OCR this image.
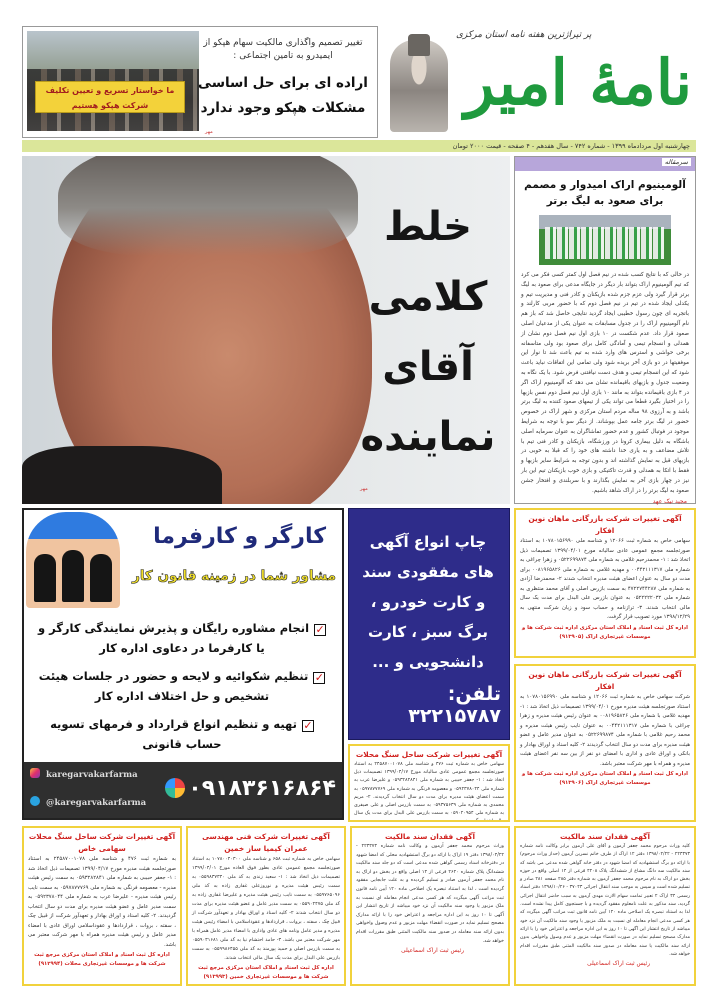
ما خواستار تسریع و تعیین تکلیف شرکت هپکو هستیم
تغییر تصمیم واگذاری مالکیت سهام هپکو از ایمیدرو به تامین اجتماعی :
اراده ای برای حل اساسی مشکلات هپکو وجود ندارد
مهر
پر تیراژترین هفته نامه استان مرکزی
نامهٔ امیر
چهارشنبه اول مردادماه ۱۳۹۹ - شماره ۷۴۲ - سال هفدهم - ۴ صفحه - قیمت ۲۰۰۰ تومان
خلط کلامی آقای نماینده
مهر
سرمقاله
آلومینیوم اراک امیدوار و مصمم برای صعود به لیگ برتر
در حالی که با نتایج کسب شده در نیم فصل اول کمتر کسی فکر می کرد که تیم آلومینیوم اراک بتواند بار دیگر در جایگاه مدعی برای صعود به لیگ برتر قرار گیرد ولی عزم جزم شده بازیکنان و کادر فنی و مدیریت تیم و یکدلی ایجاد شده در تیم در نیم فصل دوم که با حضور مربی کارلند و باتجربه ای چون رسول خطیبی ایجاد گردید نتایجی حاصل شد که باز هم نام آلومینیوم اراک را در جدول مسابقات به عنوان یکی از مدعیان اصلی صعود قرار داد. عدم شکست در ۱۰ بازی اول نیم فصل دوم نشان از همدلی و انسجام تیمی و آمادگی کامل برای صعود بود ولی متاسفانه برخی حواشی و استرس های وارد شده به تیم باعث شد تا نوار این موفقیتها در دو بازی آخر بریده شود ولی تمامی این اتفاقات نباید باعث شود که این انسجام تیمی و هدف دست نیافتنی فرض شود. با یک نگاه به وضعیت جدول و بازیهای باقیمانده نشان می دهد که آلومینیوم اراک اگر در ۴ بازی باقیمانده بتواند به مانند ۱۰ بازی اول نیم فصل دوم نفس بازیها را در اختیار بگیرد قطعا می تواند یکی از تیمهای صعود کننده به لیگ برتر باشد و به آرزوی ۹۸ ساله مردم استان مرکزی و شهر اراک در خصوص حضور در لیگ برتر جامه عمل بپوشاند. از دیگر سو با توجه به شرایط موجود در فوتبال کشور و عدم حضور تماشاگران به عنوان سرمایه اصلی باشگاه به دلیل بیماری کرونا در ورزشگاه، بازیکنان و کادر فنی تیم با تلاش مضاعف و به یاری خدا داشته های خود را که قبلا به خوبی در بازیهای قبل به نمایش گذاشته اند و بدون توجه به شرایط سایر بازیها و فقط با اتکا به همدلی و قدرت تاکتیکی و بازی خوب بازیکنان تیم این بار نیز در چهار بازی آخر به نمایش بگذارند و با سربلندی و افتخار جشن صعود به لیگ برتر را در اراک شاهد باشیم.
مجید نیک عهد
کارگر و کارفرما
مشاور شما در زمینه قانون کار
✓انجام مشاوره رایگان و پذیرش نمایندگی کارگر و یا کارفرما در دعاوی اداره کار
✓تنظیم شکوائیه و لایحه و حضور در جلسات هیئت تشخیص و حل اختلاف اداره کار
✓تهیه و تنظیم انواع قرارداد و فرمهای تسویه حساب قانونی
karegarvakarfarma
@karegarvakarfarma
۰۹۱۸۳۶۱۶۸۶۴
چاپ انواع آگهی های مفقودی سند و کارت خودرو ، برگ سبز ، کارت دانشجویی و ...
تلفن: ۳۲۲۱۵۷۸۷
آگهی تغییرات شرکت ساحل سنگ محلات
سهامی خاص به شماره ثبت ۴۷۶ و شناسه ملی ۲۴۵۸۷۰۰۱۰۷۸ به استناد صورتجلسه مجمع عمومی عادی سالیانه مورخ ۱۳۹۹/۰۴/۱۷ تصمیمات ذیل اتخاذ شد : ۱- جعفر حبیبی به شماره ملی ۰۵۹۳۲۸۲۸۴۱ و علیرضا عرب به شماره ملی ۰۵۹۲۳۷۸۰۴۴ و معصومه فرنگی به شماره ملی ۰۵۹۷۸۷۷۷۶۹ به سمت اعضای هیئت مدیره برای مدت دو سال انتخاب گردیدند. ۲- مریم محمدی به شماره ملی ۰۵۹۳۷۵۶۳۹ به سمت بازرس اصلی و علی صیفری به شماره ملی ۰۵۹۰۲۰۹۵۴ به سمت بازرس علی البدل برای مدت یک سال مالی انتخاب گردیدند.
آگهی تغییرات شرکت بازرگانی ماهان نوین افکار
سهامی خاص به شماره ثبت ۱۲۰۶۶ و شناسه ملی ۱۰۷۸۰۱۵۶۹۹۰ به استناد صورتجلسه مجمع عمومی عادی سالیانه مورخ ۱۳۹۹/۰۴/۰۱ تصمیمات ذیل اتخاذ شد : ۱- محمدرحیم غلامی به شماره ملی ۰۵۲۲۶۹۹۸۷۴ و زهرا چراغی به شماره ملی ۰۰۴۴۲۱۱۱۳۱۷ و مهدیه غلامی به شماره ملی ۰۰۸۱۹۶۵۸۲۶ برای مدت دو سال به عنوان اعضای هیئت مدیره انتخاب شدند ۲- محمدرضا آزادی به شماره ملی ۴۷۲۲۷۴۴۲۸۷ به سمت بازرس اصلی و آقای محمد منتظری به شماره ملی ۰۵۲۲۲۲۲۰۳۲ به عنوان بازرس علی البدل برای مدت یک سال مالی انتخاب شدند. ۳- ترازنامه و حساب سود و زیان شرکت منتهی به ۱۳۹۸/۱۲/۲۹ مورد تصویب قرار گرفت.
اداره کل ثبت اسناد و املاک استان مرکزی اداره ثبت شرکت ها و موسسات غیرتجاری اراک (۹۱۳۹۰۵)
آگهی تغییرات شرکت بازرگانی ماهان نوین افکار
شرکت سهامی خاص به شماره ثبت ۱۲۰۶۶ و شناسه ملی ۱۰۷۸۰۱۵۶۹۹۰ به استناد صورتجلسه هیئت مدیره مورخ ۱۳۹۹/۰۴/۰۱ تصمیمات ذیل اتخاذ شد : ۱- مهدیه غلامی با شماره ملی ۰۰۸۱۹۶۵۸۲۶ به عنوان رئیس هیئت مدیره و زهرا چراغی با شماره ملی ۰۰۴۴۲۱۱۱۳۱۷ به عنوان نایب رئیس هیئت مدیره و محمد رحیم غلامی با شماره ملی ۰۵۲۲۶۹۹۸۷۴ به عنوان مدیر عامل و عضو هیئت مدیره برای مدت دو سال انتخاب گردیدند ۲- کلیه اسناد و اوراق بهادار و بانکی و اوراق عادی و اداری با امضای دو نفر از بین سه نفر اعضای هیئت مدیره و همراه با مهر شرکت معتبر باشد.
اداره کل ثبت اسناد و املاک استان مرکزی اداره ثبت شرکت ها و موسسات غیرتجاری اراک (۹۱۳۹۰۶)
آگهی تغییرات شرکت ساحل سنگ محلات سهامی خاص
به شماره ثبت ۴۷۶ و شناسه ملی ۲۴۵۸۷۰۰۱۰۷۸ به استناد صورتجلسه هیئت مدیره مورخ ۱۳۹۹/۰۴/۱۷ تصمیمات ذیل اتخاذ شد : ۱- جعفر حبیبی به شماره ملی ۰۵۹۳۲۸۲۸۴۱ به سمت رئیس هیئت مدیره - معصومه فرنگی به شماره ملی ۰۵۹۷۸۷۷۷۶۹ به سمت نایب رئیس هیئت مدیره - علیرضا عرب به شماره ملی ۰۵۹۲۳۷۸۰۴۴ به سمت مدیر عامل و عضو هیئت مدیره برای مدت دو سال انتخاب گردیدند. ۲- کلیه اسناد و اوراق بهادار و تعهدآور شرکت از قبیل چک ، سفته ، بروات ، قراردادها و عقوداسلامی اوراق عادی با امضاء مدیر عامل و رئیس هیئت مدیره همراه با مهر شرکت معتبر می باشد.
اداره کل ثبت اسناد و املاک استان مرکزی مرجع ثبت شرکت ها و موسسات غیرتجاری محلات (۹۱۲۹۹۴)
آگهی تغییرات شرکت فنی مهندسی عمران کیمیا ساز خمین
سهامی خاص به شماره ثبت ۶۵۸ و شناسه ملی ۱۰۷۸۰۰۴۰۳۰۰ به استناد صورتجلسه مجمع عمومی عادی بطور فوق العاده مورخ ۱۳۹۹/۰۴/۰۱ تصمیمات ذیل اتخاذ شد : ۱- سعید زندی به کد ملی ۰۵۵۹۸۳۷۳۴۰ به سمت رئیس هیئت مدیره و نوروزعلی غفاری زاده به کد ملی ۰۵۵۹۷۶۵۰۹۶ به سمت نایب رئیس هیئت مدیره و علیرضا غفاری زاده به کد ملی ۰۵۵۹۰۲۴۷۵ به سمت مدیر عامل و عضو هیئت مدیره برای مدت دو سال انتخاب شدند ۲- کلیه اسناد و اوراق بهادار و تعهدآور شرکت از قبیل چک ، سفته ، بروات ، قراردادها و عقوداسلامی با امضاء رئیس هیئت مدیره و مدیر عامل ونامه های عادی واداری با امضاء مدیر عامل همراه با مهر شرکت معتبر می باشد. ۳- حامد احتشام نیا به کد ملی ۰۵۵۹۰۳۱۶۸۱ به سمت بازرس اصلی و حمید پورمند به کد ملی ۰۵۵۹۹۸۶۴۵۵ به سمت بازرس علی البدل برای مدت یک سال مالی انتخاب شدند.
اداره کل ثبت اسناد و املاک استان مرکزی مرجع ثبت شرکت ها و موسسات غیرتجاری خمین (۹۱۳۹۹۳)
آگهی فقدان سند مالکیت
وراث مرحوم محمد جعفر آرمون و وکالت نامه شماره ۲۲۳۳۷۳ - ۱۳۹۸/۰۴/۲۲ دفتر ۱۹ اراک با ارائه دو برگ استشهادیه محلی که امضا شهود در دفترخانه اسناد رسمی گواهی شده مدعی است که دو جلد سند مالکیت ششدانگ پلاک شماره ۲۶۲۰ فرعی از ۱۴ اصلی واقع در بخش دو اراک به نام محمد جعفر آرمون صادر و تسلیم گردیده و به علت جابجایی مفقود گردیده است ، لذا به استناد تبصره یک اصلاحی ماده ۱۲۰ آیین نامه قانون ثبت مراتب آگهی میگردد که هر کسی مدعی انجام معامله ای نسبت به ملک مزبور یا وجود سند مالکیت آن نزد خود میباشد از تاریخ انتشار این آگهی تا ۱۰ روز به این اداره مراجعه و اعتراض خود را با ارائه مدارک مصحح تسلیم نماید در صورت انقضاء مهلت مزبور و عدم وصول واخواهی بدون ارائه سند معامله در صدور سند مالکیت المثنی طبق مقررات اقدام خواهد شد.
رئیس ثبت اراک اسماعیلی
آگهی فقدان سند مالکیت
کلیه وراث مرحوم محمد جعفر آرمون و آقای علی آرمون برابر وکالت نامه شماره ۲۲۳۳۷۳ - ۱۳۹۸/۰۴/۲۲ دفتر ۱۲ اراک از طرف خانم نسرین آرمون (حداز وراث مرحوم) با ارائه دو برگ استشهادیه که امضا شهود در دفتر خانه گواهی شده مدعی می باشد که سند مالکیت سه دانگ مشاع از ششدانگ پلاک ۴۲۰۸ فرعی از ۱۴ اصلی واقع در حوزه بخش دو اراک به نام مرحوم محمد جعفر آرمون به شماره دفتر ۲۸۵ صفحه ۲۸۱ صادر و تسلیم شده است و سپس به موجب سند انتقال اجرائی ۳۷۰۴۳ - ۱۳۹۸/۱۰/۲۶ دفتر اسناد رسمی ۳۴ اراک ۲ تعبیر تمامت سهام الارث مهدی آرمون به سبب حاضر انتقال اجرائی گردید، سند مذکور به علت نامعلوم مفقود گردیده و با جستجوی کامل پیدا نشده است. لذا به استناد تبصره یک اصلاحی ماده ۱۲۰ آیین نامه قانون ثبت مراتب آگهی میگردد که هر کسی مدعی انجام معامله ای نسبت به ملک مزبور یا وجود سند مالکیت آن نزد خود میباشد از تاریخ انتشار این آگهی تا ۱۰ روز به این اداره مراجعه و اعتراض خود را با ارائه مدارک مصحح تسلیم نماید در صورت انقضاء مهلت مزبور و عدم وصول واخواهی بدون ارائه سند مالکیت یا سند معامله در صدور سند مالکیت المثنی طبق مقررات اقدام خواهد شد.
رئیس ثبت اراک اسماعیلی
